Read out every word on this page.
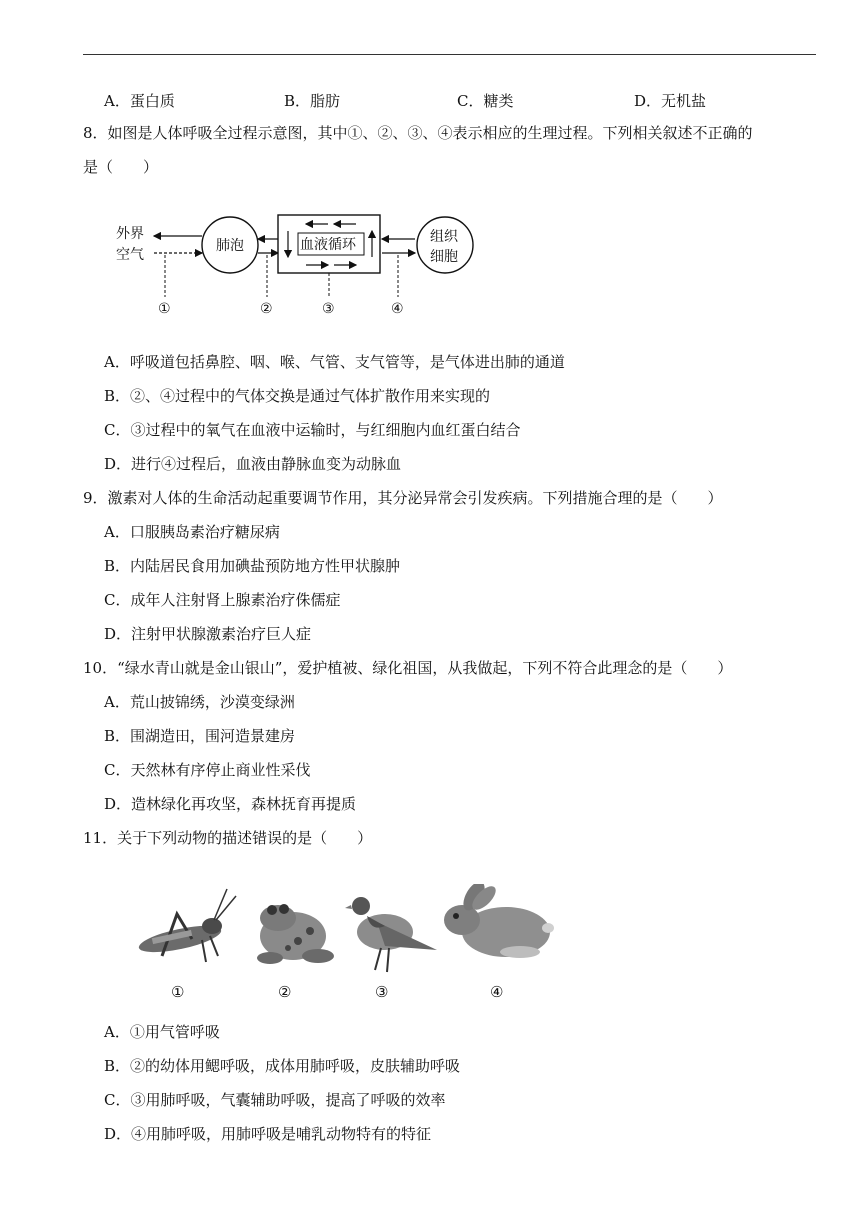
A．蛋白质	B．脂肪	C．糖类	D．无机盐
8．如图是人体呼吸全过程示意图，其中①、②、③、④表示相应的生理过程。下列相关叙述不正确的
是（　　）
外界
空气
肺泡	血液循环	组织
细胞
①	②	③	④
A．呼吸道包括鼻腔、咽、喉、气管、支气管等，是气体进出肺的通道
B．②、④过程中的气体交换是通过气体扩散作用来实现的
C．③过程中的氧气在血液中运输时，与红细胞内血红蛋白结合
D．进行④过程后，血液由静脉血变为动脉血
9．激素对人体的生命活动起重要调节作用，其分泌异常会引发疾病。下列措施合理的是（　　）
A．口服胰岛素治疗糖尿病
B．内陆居民食用加碘盐预防地方性甲状腺肿
C．成年人注射肾上腺素治疗侏儒症
D．注射甲状腺激素治疗巨人症
10．“绿水青山就是金山银山”，爱护植被、绿化祖国，从我做起，下列不符合此理念的是（　　）
A．荒山披锦绣，沙漠变绿洲
B．围湖造田，围河造景建房
C．天然林有序停止商业性采伐
D．造林绿化再攻坚，森林抚育再提质
11．关于下列动物的描述错误的是（　　）
①	②	③	④
A．①用气管呼吸
B．②的幼体用鳃呼吸，成体用肺呼吸，皮肤辅助呼吸
C．③用肺呼吸，气囊辅助呼吸，提高了呼吸的效率
D．④用肺呼吸，用肺呼吸是哺乳动物特有的特征
